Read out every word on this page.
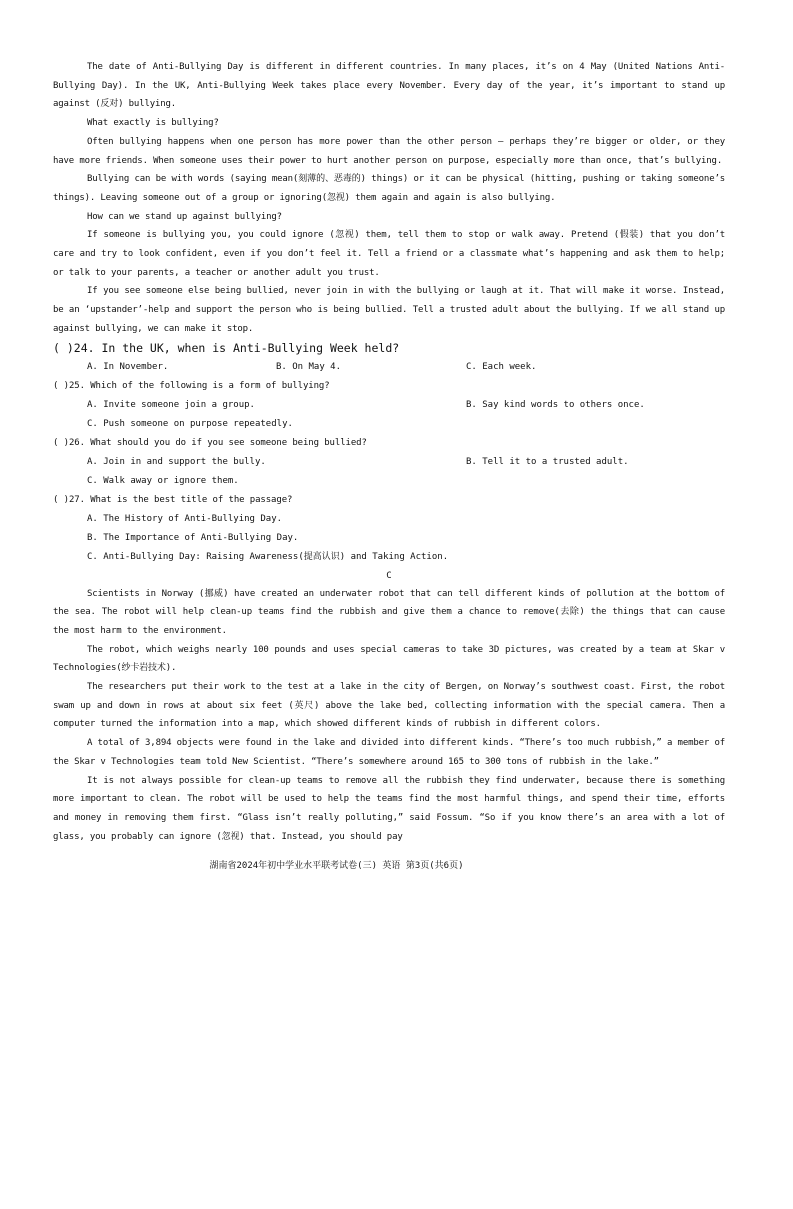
The date of Anti-Bullying Day is different in different countries. In many places, it’s on 4 May (United Nations Anti-Bullying Day). In the UK, Anti-Bullying Week takes place every November. Every day of the year, it’s important to stand up against (反对) bullying.

What exactly is bullying?

Often bullying happens when one person has more power than the other person – perhaps they’re bigger or older, or they have more friends. When someone uses their power to hurt another person on purpose, especially more than once, that’s bullying.

Bullying can be with words (saying mean(刻薄的、恶毒的) things) or it can be physical (hitting, pushing or taking someone’s things). Leaving someone out of a group or ignoring(忽视) them again and again is also bullying.

How can we stand up against bullying?

If someone is bullying you, you could ignore (忽视) them, tell them to stop or walk away. Pretend (假装) that you don’t care and try to look confident, even if you don’t feel it. Tell a friend or a classmate what’s happening and ask them to help; or talk to your parents, a teacher or another adult you trust.

If you see someone else being bullied, never join in with the bullying or laugh at it. That will make it worse. Instead, be an ‘upstander’-help and support the person who is being bullied. Tell a trusted adult about the bullying. If we all stand up against bullying, we can make it stop.

( )24. In the UK, when is Anti-Bullying Week held?

A. In November.	B. On May 4.	C. Each week.

( )25. Which of the following is a form of bullying?

A. Invite someone join a group.	B. Say kind words to others once.
C. Push someone on purpose repeatedly.

( )26. What should you do if you see someone being bullied?

A. Join in and support the bully.	B. Tell it to a trusted adult.
C. Walk away or ignore them.

( )27. What is the best title of the passage?

A. The History of Anti-Bullying Day.
B. The Importance of Anti-Bullying Day.
C. Anti-Bullying Day: Raising Awareness(提高认识) and Taking Action.

C

Scientists in Norway (挪威) have created an underwater robot that can tell different kinds of pollution at the bottom of the sea. The robot will help clean-up teams find the rubbish and give them a chance to remove(去除) the things that can cause the most harm to the environment.

The robot, which weighs nearly 100 pounds and uses special cameras to take 3D pictures, was created by a team at Skar v Technologies(纱卡岩技术).

The researchers put their work to the test at a lake in the city of Bergen, on Norway’s southwest coast. First, the robot swam up and down in rows at about six feet (英尺) above the lake bed, collecting information with the special camera. Then a computer turned the information into a map, which showed different kinds of rubbish in different colors.

A total of 3,894 objects were found in the lake and divided into different kinds. “There’s too much rubbish,” a member of the Skar v Technologies team told New Scientist. “There’s somewhere around 165 to 300 tons of rubbish in the lake.”

It is not always possible for clean-up teams to remove all the rubbish they find underwater, because there is something more important to clean. The robot will be used to help the teams find the most harmful things, and spend their time, efforts and money in removing them first. “Glass isn’t really polluting,” said Fossum. “So if you know there’s an area with a lot of glass, you probably can ignore (忽视) that. Instead, you should pay

湖南省2024年初中学业水平联考试卷(三) 英语 第3页(共6页)
